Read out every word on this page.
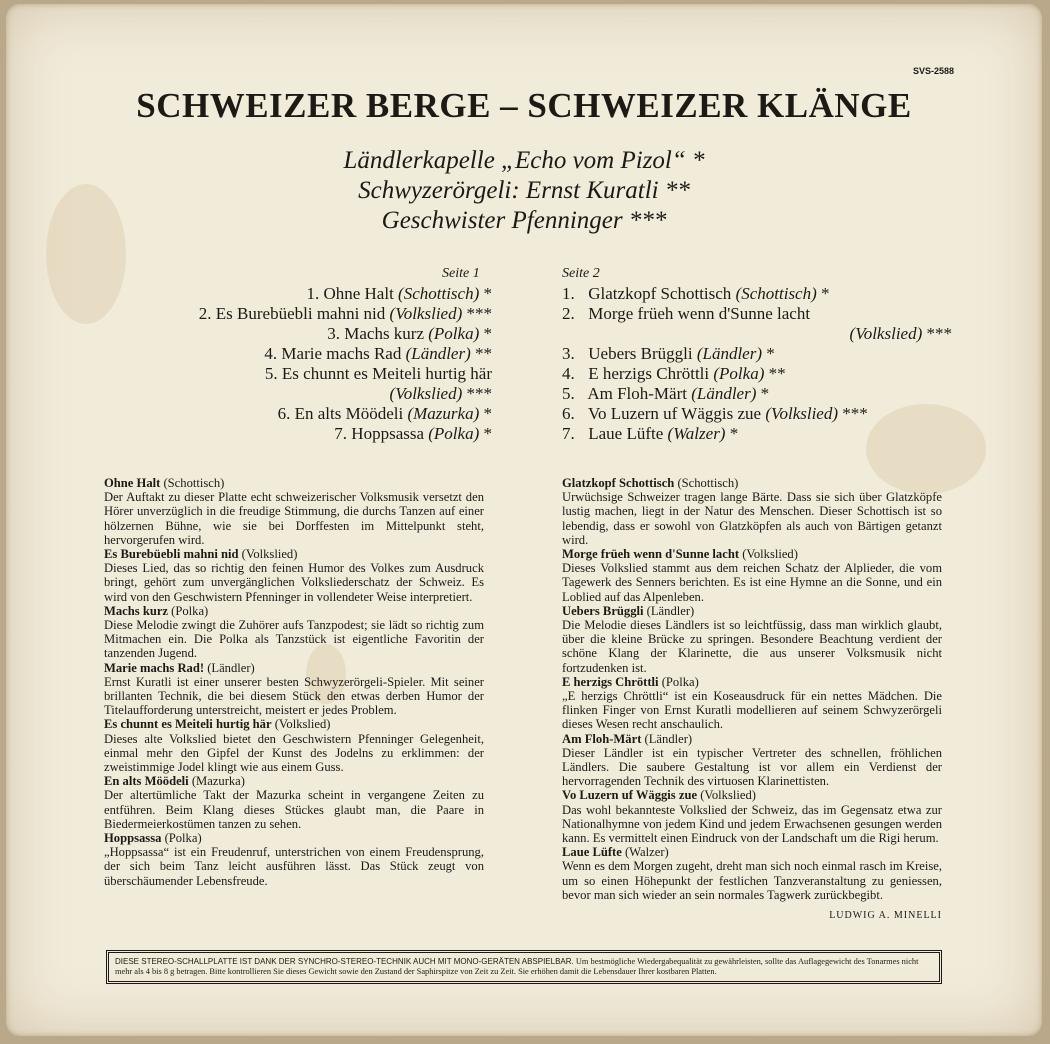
SVS-2588
SCHWEIZER BERGE – SCHWEIZER KLÄNGE
Ländlerkapelle „Echo vom Pizol“ *
Schwyzerörgeli: Ernst Kuratli **
Geschwister Pfenninger ***
Seite 1	Seite 2
1. Ohne Halt (Schottisch) *
2. Es Burebüebli mahni nid (Volkslied) ***
3. Machs kurz (Polka) *
4. Marie machs Rad (Ländler) **
5. Es chunnt es Meiteli hurtig här
(Volkslied) ***
6. En alts Möödeli (Mazurka) *
7. Hoppsassa (Polka) *
1. Glatzkopf Schottisch (Schottisch) *
2. Morge früeh wenn d'Sunne lacht
(Volkslied) ***
3. Uebers Brüggli (Ländler) *
4. E herzigs Chröttli (Polka) **
5. Am Floh-Märt (Ländler) *
6. Vo Luzern uf Wäggis zue (Volkslied) ***
7. Laue Lüfte (Walzer) *

Ohne Halt (Schottisch)
Der Auftakt zu dieser Platte echt schweizerischer Volksmusik versetzt den Hörer unverzüglich in die freudige Stimmung, die durchs Tanzen auf einer hölzernen Bühne, wie sie bei Dorffesten im Mittelpunkt steht, hervorgerufen wird.

Es Burebüebli mahni nid (Volkslied)
Dieses Lied, das so richtig den feinen Humor des Volkes zum Ausdruck bringt, gehört zum unvergänglichen Volksliederschatz der Schweiz. Es wird von den Geschwistern Pfenninger in vollendeter Weise interpretiert.

Machs kurz (Polka)
Diese Melodie zwingt die Zuhörer aufs Tanzpodest; sie lädt so richtig zum Mitmachen ein. Die Polka als Tanzstück ist eigentliche Favoritin der tanzenden Jugend.

Marie machs Rad! (Ländler)
Ernst Kuratli ist einer unserer besten Schwyzerörgeli-Spieler. Mit seiner brillanten Technik, die bei diesem Stück den etwas derben Humor der Titelaufforderung unterstreicht, meistert er jedes Problem.

Es chunnt es Meiteli hurtig här (Volkslied)
Dieses alte Volkslied bietet den Geschwistern Pfenninger Gelegenheit, einmal mehr den Gipfel der Kunst des Jodelns zu erklimmen: der zweistimmige Jodel klingt wie aus einem Guss.

En alts Möödeli (Mazurka)
Der altertümliche Takt der Mazurka scheint in vergangene Zeiten zu entführen. Beim Klang dieses Stückes glaubt man, die Paare in Biedermeierkostümen tanzen zu sehen.

Hoppsassa (Polka)
„Hoppsassa“ ist ein Freudenruf, unterstrichen von einem Freudensprung, der sich beim Tanz leicht ausführen lässt. Das Stück zeugt von überschäumender Lebensfreude.

Glatzkopf Schottisch (Schottisch)
Urwüchsige Schweizer tragen lange Bärte. Dass sie sich über Glatzköpfe lustig machen, liegt in der Natur des Menschen. Dieser Schottisch ist so lebendig, dass er sowohl von Glatzköpfen als auch von Bärtigen getanzt wird.

Morge früeh wenn d'Sunne lacht (Volkslied)
Dieses Volkslied stammt aus dem reichen Schatz der Alplieder, die vom Tagewerk des Senners berichten. Es ist eine Hymne an die Sonne, und ein Loblied auf das Alpenleben.

Uebers Brüggli (Ländler)
Die Melodie dieses Ländlers ist so leichtfüssig, dass man wirklich glaubt, über die kleine Brücke zu springen. Besondere Beachtung verdient der schöne Klang der Klarinette, die aus unserer Volksmusik nicht fortzudenken ist.

E herzigs Chröttli (Polka)
„E herzigs Chröttli“ ist ein Koseausdruck für ein nettes Mädchen. Die flinken Finger von Ernst Kuratli modellieren auf seinem Schwyzerörgeli dieses Wesen recht anschaulich.

Am Floh-Märt (Ländler)
Dieser Ländler ist ein typischer Vertreter des schnellen, fröhlichen Ländlers. Die saubere Gestaltung ist vor allem ein Verdienst der hervorragenden Technik des virtuosen Klarinettisten.

Vo Luzern uf Wäggis zue (Volkslied)
Das wohl bekannteste Volkslied der Schweiz, das im Gegensatz etwa zur Nationalhymne von jedem Kind und jedem Erwachsenen gesungen werden kann. Es vermittelt einen Eindruck von der Landschaft um die Rigi herum.

Laue Lüfte (Walzer)
Wenn es dem Morgen zugeht, dreht man sich noch einmal rasch im Kreise, um so einen Höhepunkt der festlichen Tanzveranstaltung zu geniessen, bevor man sich wieder an sein normales Tagwerk zurückbegibt.

LUDWIG A. MINELLI
DIESE STEREO-SCHALLPLATTE IST DANK DER SYNCHRO-STEREO-TECHNIK AUCH MIT MONO-GERÄTEN ABSPIELBAR. Um bestmögliche Wiedergabequalität zu gewährleisten, sollte das Auflagegewicht des Tonarmes nicht mehr als 4 bis 8 g betragen. Bitte kontrollieren Sie dieses Gewicht sowie den Zustand der Saphirspitze von Zeit zu Zeit. Sie erhöhen damit die Lebensdauer Ihrer kostbaren Platten.
